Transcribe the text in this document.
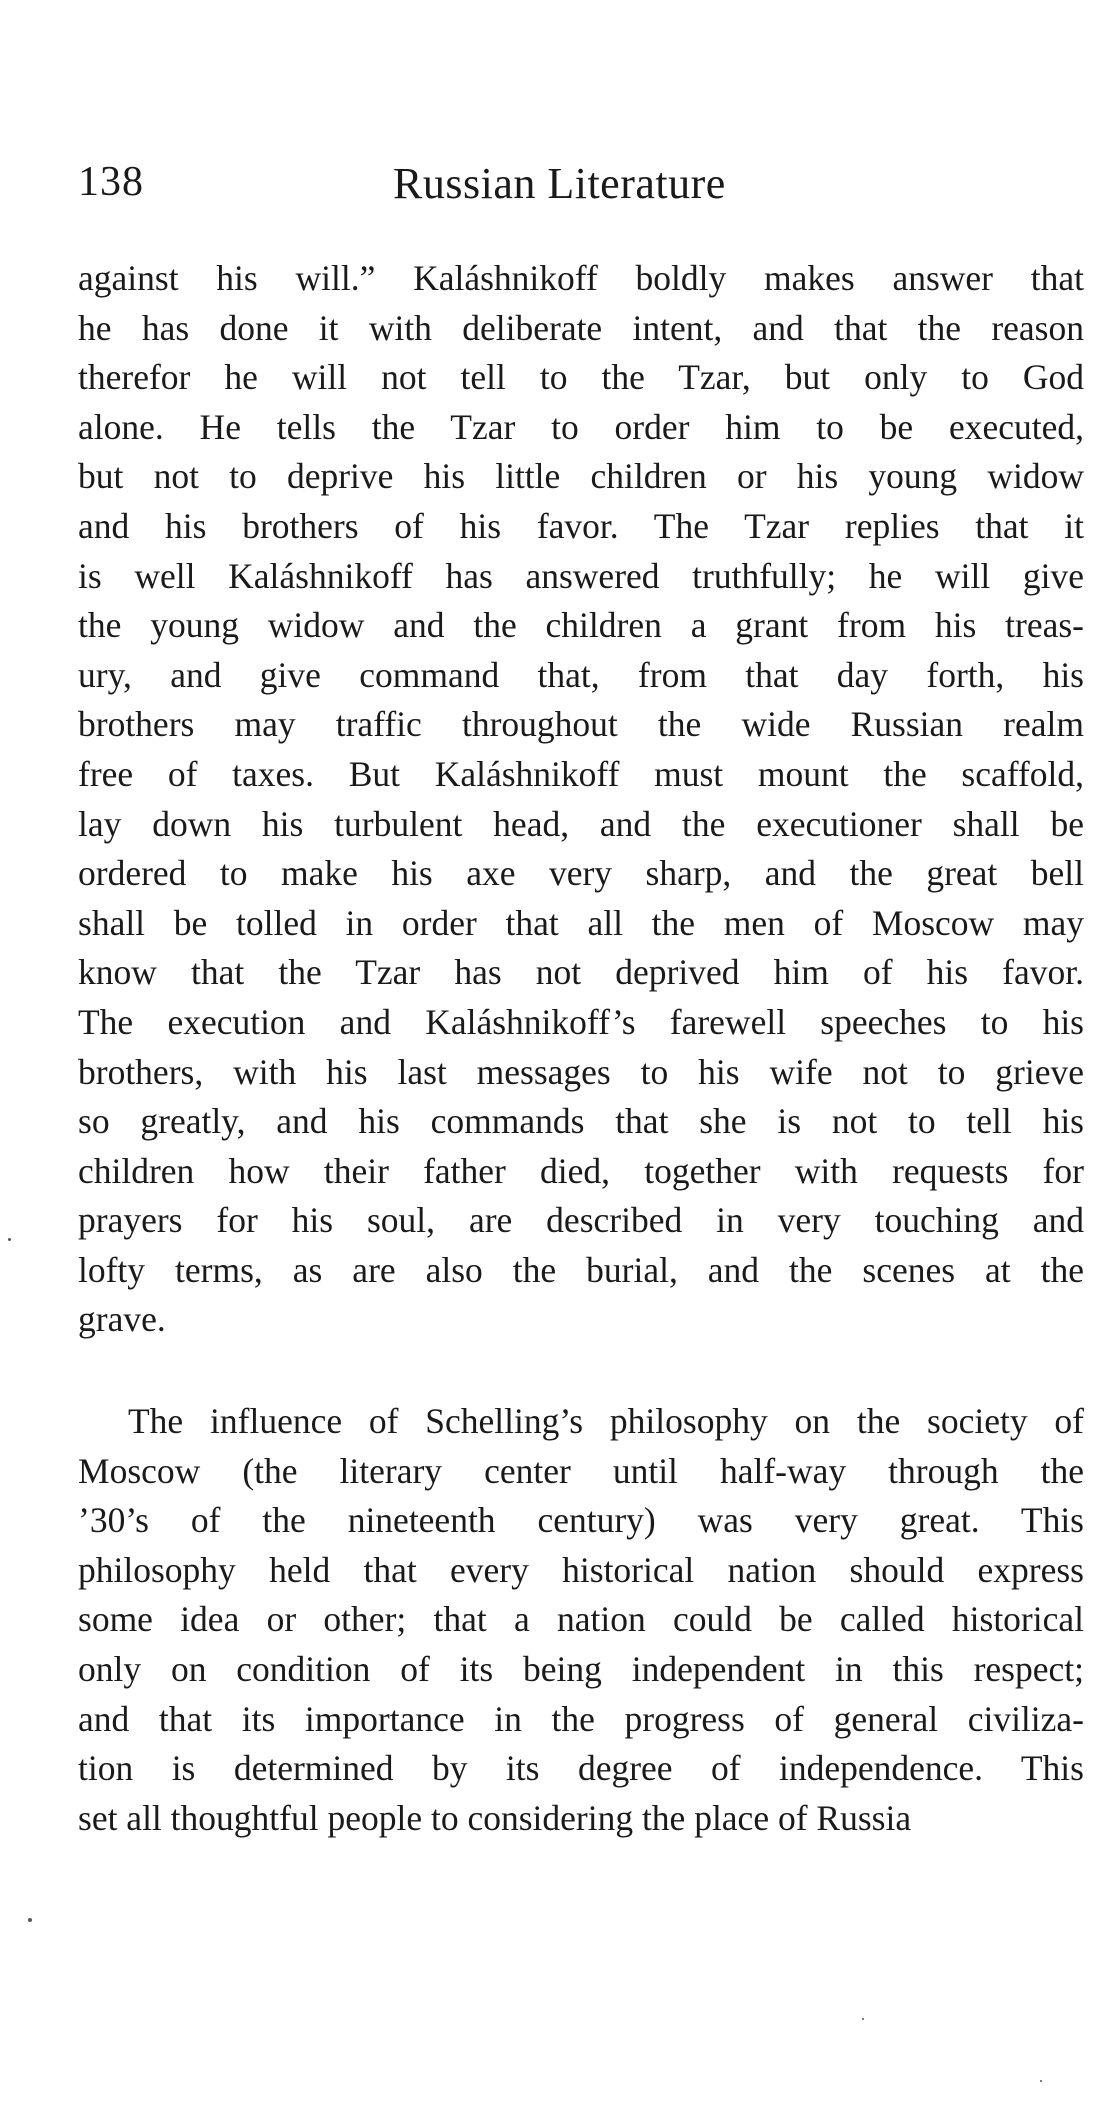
138	Russian Literature
against his will.” Kaláshnikoff boldly makes answer that
he has done it with deliberate intent, and that the reason
therefor he will not tell to the Tzar, but only to God
alone. He tells the Tzar to order him to be executed,
but not to deprive his little children or his young widow
and his brothers of his favor. The Tzar replies that it
is well Kaláshnikoff has answered truthfully; he will give
the young widow and the children a grant from his treas-
ury, and give command that, from that day forth, his
brothers may traffic throughout the wide Russian realm
free of taxes. But Kaláshnikoff must mount the scaffold,
lay down his turbulent head, and the executioner shall be
ordered to make his axe very sharp, and the great bell
shall be tolled in order that all the men of Moscow may
know that the Tzar has not deprived him of his favor.
The execution and Kaláshnikoff’s farewell speeches to his
brothers, with his last messages to his wife not to grieve
so greatly, and his commands that she is not to tell his
children how their father died, together with requests for
prayers for his soul, are described in very touching and
lofty terms, as are also the burial, and the scenes at the
grave.
The influence of Schelling’s philosophy on the society of
Moscow (the literary center until half-way through the
’30’s of the nineteenth century) was very great. This
philosophy held that every historical nation should express
some idea or other; that a nation could be called historical
only on condition of its being independent in this respect;
and that its importance in the progress of general civiliza-
tion is determined by its degree of independence. This
set all thoughtful people to considering the place of Russia
